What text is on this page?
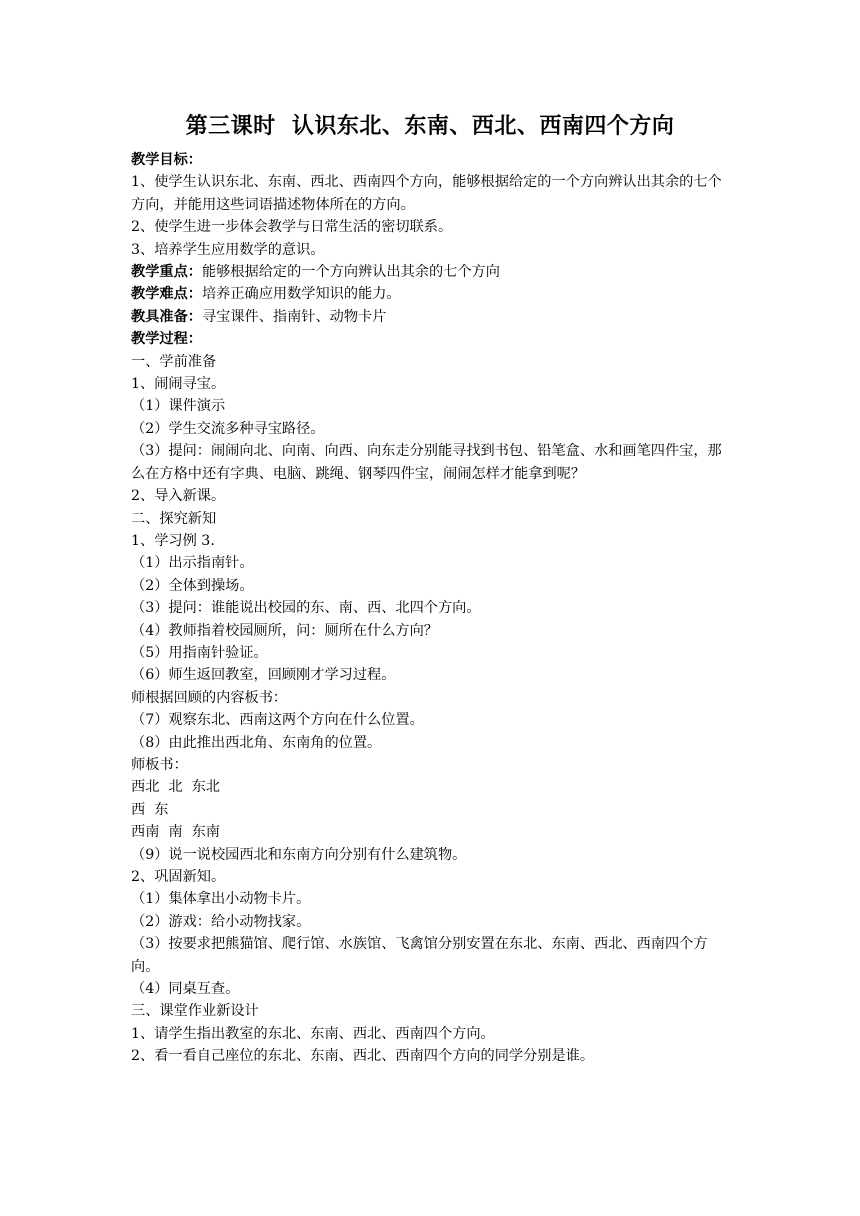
第三课时  认识东北、东南、西北、西南四个方向

教学目标：

1、使学生认识东北、东南、西北、西南四个方向，能够根据给定的一个方向辨认出其余的七个方向，并能用这些词语描述物体所在的方向。

2、使学生进一步体会教学与日常生活的密切联系。

3、培养学生应用数学的意识。

教学重点：能够根据给定的一个方向辨认出其余的七个方向

教学难点：培养正确应用数学知识的能力。

教具准备：寻宝课件、指南针、动物卡片

教学过程：

一、学前准备

1、闹闹寻宝。

（1）课件演示

（2）学生交流多种寻宝路径。

（3）提问：闹闹向北、向南、向西、向东走分别能寻找到书包、铅笔盒、水和画笔四件宝，那么在方格中还有字典、电脑、跳绳、钢琴四件宝，闹闹怎样才能拿到呢？

2、导入新课。

二、探究新知

1、学习例 3.

（1）出示指南针。

（2）全体到操场。

（3）提问：谁能说出校园的东、南、西、北四个方向。

（4）教师指着校园厕所，问：厕所在什么方向？

（5）用指南针验证。

（6）师生返回教室，回顾刚才学习过程。

师根据回顾的内容板书：

（7）观察东北、西南这两个方向在什么位置。

（8）由此推出西北角、东南角的位置。

师板书：

西北  北  东北

西  东

西南  南  东南

（9）说一说校园西北和东南方向分别有什么建筑物。

2、巩固新知。

（1）集体拿出小动物卡片。

（2）游戏：给小动物找家。

（3）按要求把熊猫馆、爬行馆、水族馆、飞禽馆分别安置在东北、东南、西北、西南四个方向。

（4）同桌互查。

三、课堂作业新设计

1、请学生指出教室的东北、东南、西北、西南四个方向。

2、看一看自己座位的东北、东南、西北、西南四个方向的同学分别是谁。
